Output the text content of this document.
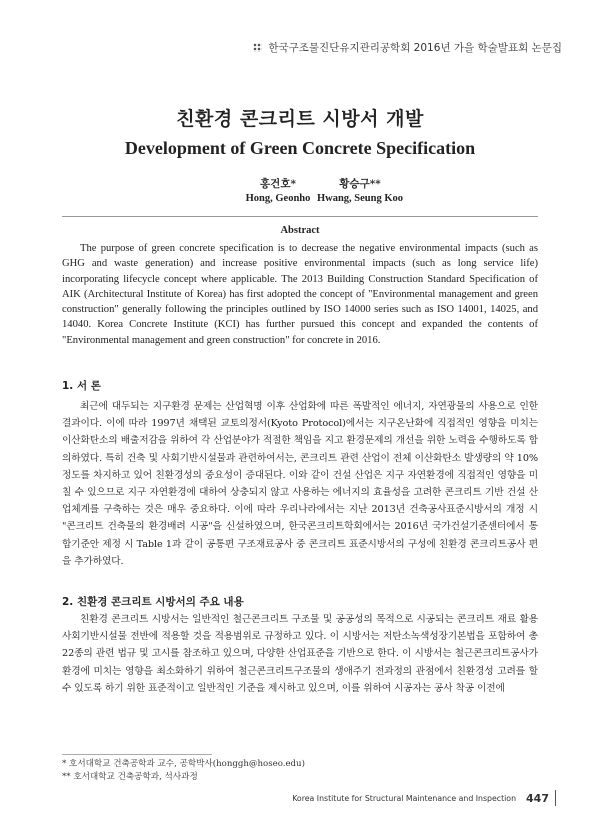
한국구조물진단유지관리공학회 2016년 가을 학술발표회 논문집
친환경 콘크리트 시방서 개발
Development of Green Concrete Specification
홍건호*
Hong, Geonho
황승구**
Hwang, Seung Koo
Abstract

The purpose of green concrete specification is to decrease the negative environmental impacts (such as GHG and waste generation) and increase positive environmental impacts (such as long service life) incorporating lifecycle concept where applicable. The 2013 Building Construction Standard Specification of AIK (Architectural Institute of Korea) has first adopted the concept of "Environmental management and green construction" generally following the principles outlined by ISO 14000 series such as ISO 14001, 14025, and 14040. Korea Concrete Institute (KCI) has further pursued this concept and expanded the contents of "Environmental management and green construction" for concrete in 2016.

1. 서 론

최근에 대두되는 지구환경 문제는 산업혁명 이후 산업화에 따른 폭발적인 에너지, 자연광물의 사용으로 인한 결과이다. 이에 따라 1997년 채택된 교토의정서(Kyoto Protocol)에서는 지구온난화에 직접적인 영향을 미치는 이산화탄소의 배출저감을 위하여 각 산업분야가 적절한 책임을 지고 환경문제의 개선을 위한 노력을 수행하도록 합의하였다. 특히 건축 및 사회기반시설물과 관련하여서는, 콘크리트 관련 산업이 전체 이산화탄소 발생량의 약 10%정도를 차지하고 있어 친환경성의 중요성이 증대된다. 이와 같이 건설 산업은 지구 자연환경에 직접적인 영향을 미칠 수 있으므로 지구 자연환경에 대하여 상충되지 않고 사용하는 에너지의 효율성을 고려한 콘크리트 기반 건설 산업체계를 구축하는 것은 매우 중요하다. 이에 따라 우리나라에서는 지난 2013년 건축공사표준시방서의 개정 시 "콘크리트 건축물의 환경배려 시공"을 신설하였으며, 한국콘크리트학회에서는 2016년 국가건설기준센터에서 통합기준안 제정 시 Table 1과 같이 공통편 구조재료공사 중 콘크리트 표준시방서의 구성에 친환경 콘크리트공사 편을 추가하였다.

2. 친환경 콘크리트 시방서의 주요 내용

친환경 콘크리트 시방서는 일반적인 철근콘크리트 구조물 및 공공성의 목적으로 시공되는 콘크리트 재료 활용 사회기반시설물 전반에 적용할 것을 적용범위로 규정하고 있다. 이 시방서는 저탄소녹색성장기본법을 포함하여 총 22종의 관련 법규 및 고시를 참조하고 있으며, 다양한 산업표준을 기반으로 한다. 이 시방서는 철근콘크리트공사가 환경에 미치는 영향을 최소화하기 위하여 철근콘크리트구조물의 생애주기 전과정의 관점에서 친환경성 고려를 할 수 있도록 하기 위한 표준적이고 일반적인 기준을 제시하고 있으며, 이를 위하여 시공자는 공사 착공 이전에

* 호서대학교 건축공학과 교수, 공학박사(honggh@hoseo.edu)
** 호서대학교 건축공학과, 석사과정
Korea Institute for Structural Maintenance and Inspection 447
